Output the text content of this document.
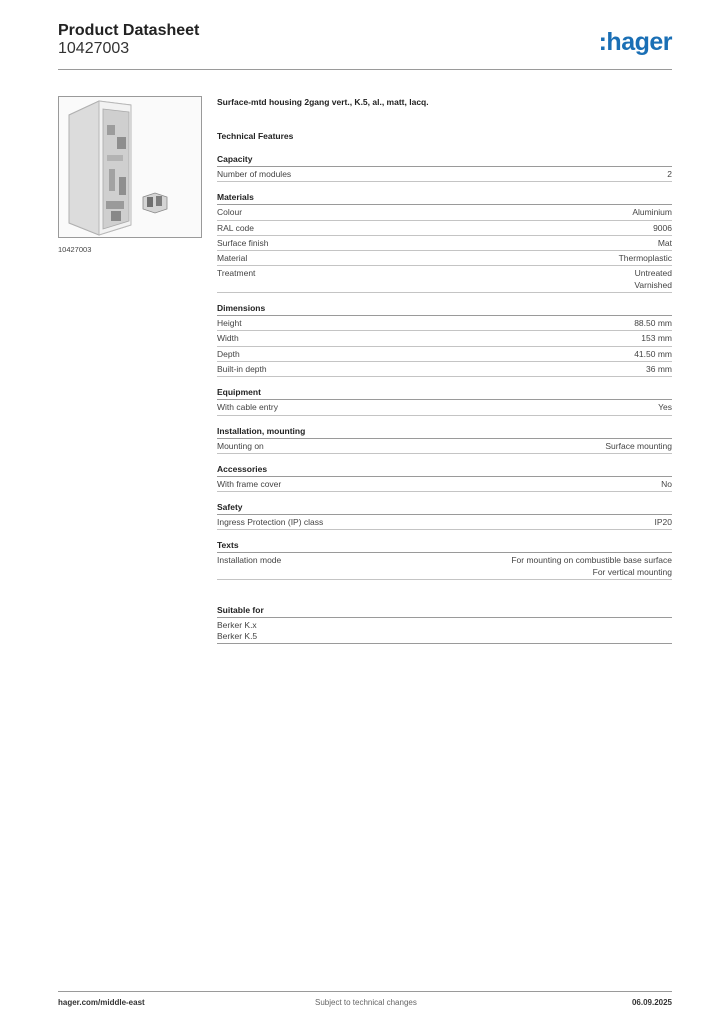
Product Datasheet
10427003	:hager
10427003
Surface-mtd housing 2gang vert., K.5, al., matt, lacq.
Technical Features
Capacity
Number of modules	2
Materials
Colour	Aluminium
RAL code	9006
Surface finish	Mat
Material	Thermoplastic
Treatment	Untreated
Varnished
Dimensions
Height	88.50 mm
Width	153 mm
Depth	41.50 mm
Built-in depth	36 mm
Equipment
With cable entry	Yes
Installation, mounting
Mounting on	Surface mounting
Accessories
With frame cover	No
Safety
Ingress Protection (IP) class	IP20
Texts
Installation mode	For mounting on combustible base surface
For vertical mounting
Suitable for
Berker K.x
Berker K.5
hager.com/middle-east	Subject to technical changes	06.09.2025
